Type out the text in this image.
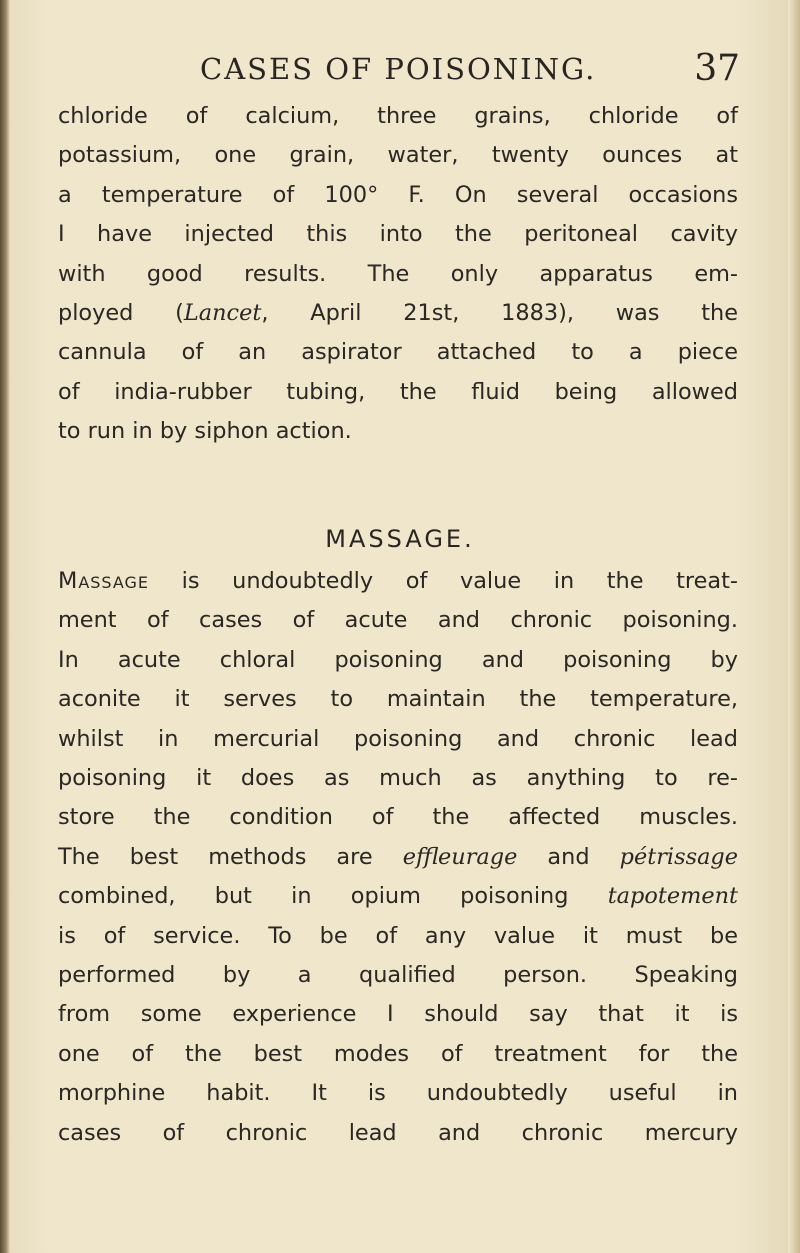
CASES OF POISONING.	37
chloride of calcium, three grains, chloride of
potassium, one grain, water, twenty ounces at
a temperature of 100° F. On several occasions
I have injected this into the peritoneal cavity
with good results. The only apparatus em-
ployed (Lancet, April 21st, 1883), was the
cannula of an aspirator attached to a piece
of india-rubber tubing, the fluid being allowed
to run in by siphon action.
MASSAGE.
Massage is undoubtedly of value in the treat-
ment of cases of acute and chronic poisoning.
In acute chloral poisoning and poisoning by
aconite it serves to maintain the temperature,
whilst in mercurial poisoning and chronic lead
poisoning it does as much as anything to re-
store the condition of the affected muscles.
The best methods are effleurage and pétrissage
combined, but in opium poisoning tapotement
is of service. To be of any value it must be
performed by a qualified person. Speaking
from some experience I should say that it is
one of the best modes of treatment for the
morphine habit. It is undoubtedly useful in
cases of chronic lead and chronic mercury
